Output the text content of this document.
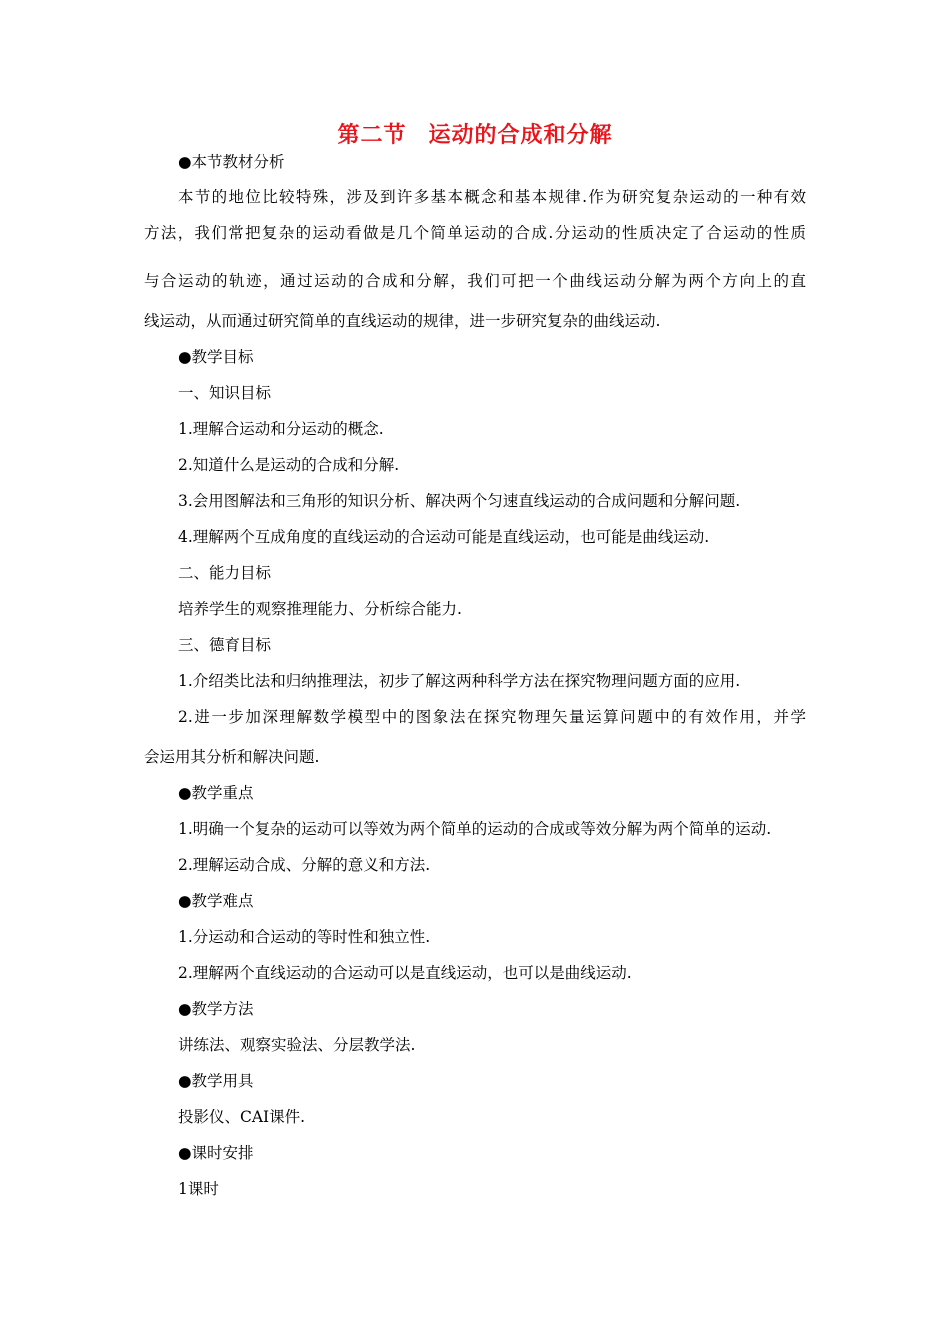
第二节 运动的合成和分解
●本节教材分析
本节的地位比较特殊，涉及到许多基本概念和基本规律.作为研究复杂运动的一种有效
方法，我们常把复杂的运动看做是几个简单运动的合成.分运动的性质决定了合运动的性质
与合运动的轨迹，通过运动的合成和分解，我们可把一个曲线运动分解为两个方向上的直
线运动，从而通过研究简单的直线运动的规律，进一步研究复杂的曲线运动.
●教学目标
一、知识目标
1.理解合运动和分运动的概念.
2.知道什么是运动的合成和分解.
3.会用图解法和三角形的知识分析、解决两个匀速直线运动的合成问题和分解问题.
4.理解两个互成角度的直线运动的合运动可能是直线运动，也可能是曲线运动.
二、能力目标
培养学生的观察推理能力、分析综合能力.
三、德育目标
1.介绍类比法和归纳推理法，初步了解这两种科学方法在探究物理问题方面的应用.
2.进一步加深理解数学模型中的图象法在探究物理矢量运算问题中的有效作用，并学
会运用其分析和解决问题.
●教学重点
1.明确一个复杂的运动可以等效为两个简单的运动的合成或等效分解为两个简单的运动.
2.理解运动合成、分解的意义和方法.
●教学难点
1.分运动和合运动的等时性和独立性.
2.理解两个直线运动的合运动可以是直线运动，也可以是曲线运动.
●教学方法
讲练法、观察实验法、分层教学法.
●教学用具
投影仪、CAI课件.
●课时安排
1课时
